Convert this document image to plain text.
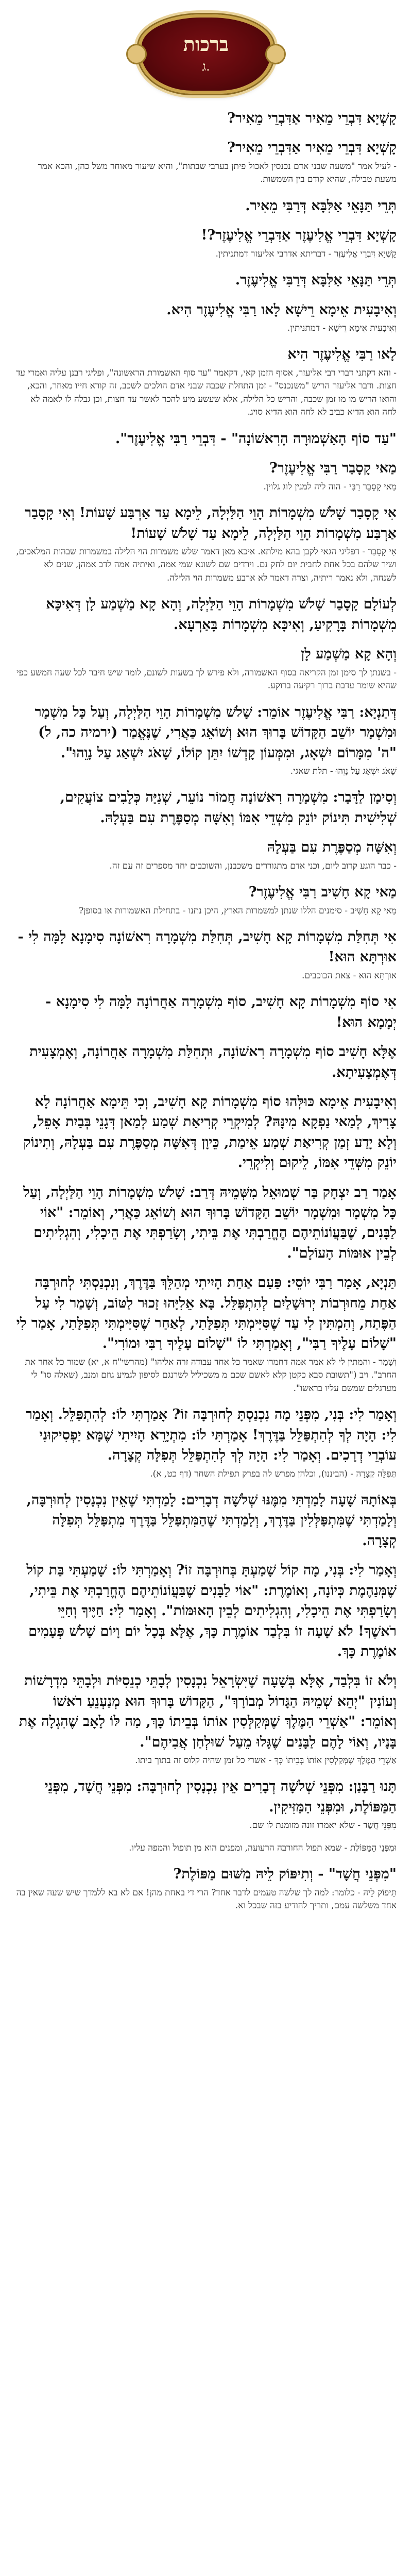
ברכות
ג.
קָשְׁיָא דִּבְרֵי מֵאִיר אַדִּבְרֵי מֵאִיר?
קָשְׁיָא דִּבְרֵי מֵאִיר אַדִּבְרֵי מֵאִיר?
- לעיל אמר "משעה שבני אדם נכנסין לאכול פיתן בערבי שבתות", והיא שיעור מאוחר משל כהן, והכא אמר משעת טבילה, שהיא קודם בין השמשות.
תְּרֵי תַּנָּאֵי אַלִּבָּא דְּרַבִּי מֵאִיר.
קָשְׁיָא דִּבְרֵי אֱלִיעֶזֶר אַדִּבְרֵי אֱלִיעֶזֶר?!
קָשְׁיָא דִּבְרֵי אֱלִיעֶזֶר - דבריתא אדרבי אליעזר דמתניתין.
תְּרֵי תַּנָּאֵי אַלִּבָּא דְּרַבִּי אֱלִיעֶזֶר.
וְאִיבָעִית אֵימָא רֵישָׁא לָאו רַבִּי אֱלִיעֶזֶר הִיא.
וְאִיבָעִית אֵימָא רֵישָׁא - דמתניתין.
לָאו רַבִּי אֱלִיעֶזֶר הִיא
- והא דקתני דברי רבי אליעזר, אסוף הזמן קאי, דקאמר "עד סוף האשמורת הראשונה", ופליגי רבנן עליה ואמרי עד חצות. ודבר אליעזר הריש "משנכנס" - זמן התחלת שכבה שבני אדם הולכים לשכב, זה קורא חייו מאחר, והכא, והואו הריש מו מו זמן שכבה, והריש כל הלילה, אלא שעשע מיע להכר לאשר עד חצות, וכן גבלה לו לאמה לא לחה הוא הדיא כביב לא לחה הוא הדיא סויג.
"עַד סוֹף הָאַשְׁמוּרָה הָרִאשׁוֹנָה" - דִּבְרֵי רַבִּי אֱלִיעֶזֶר".
מַאי קָסָבַר רַבִּי אֱלִיעֶזֶר?
מַאי קָסָבַר רַבִּי - הוה ליה למנין לוג גלוין.
אִי קָסָבַר שָׁלֹשׁ מִשְׁמָרוֹת הָוֵי הַלַּיְלָה, לֵימָא עַד אַרְבַּע שָׁעוֹת! וְאִי קָסָבַר אַרְבַּע מִשְׁמָרוֹת הָוֵי הַלַּיְלָה, לֵימָא עַד שָׁלֹשׁ שָׁעוֹת!
אִי קָסָבַר - דפליגי הגאי לקבן בהא מילתא. איכא מאן דאמר שלש משמרות הוי הלילה במשמרות שבהות המלאכים, ושיר שלהם בכל אחת לחבית יום לחק נם. וירדים שם לשונא שמי אמה, ואיתיה אמה לדב אמהן, שנים לא לשנחה, ולא נאמר ריתיה, וצרה דאמר לא ארבע משמרות הוי הלילה.
לְעוֹלָם קָסָבַר שָׁלֹשׁ מִשְׁמָרוֹת הָוֵי הַלַּיְלָה, וְהָא קָא מַשְׁמַע לָן דְּאִיכָּא מִשְׁמָרוֹת בָּרָקִיעַ, וְאִיכָּא מִשְׁמָרוֹת בָּאַרְעָא.
וְהָא קָא מַשְׁמַע לָן
- בשנתן לך סימן זמן הקריאה בסוף האשמורה, ולא פירש לך בשעות לשונם, לומד שיש חיבר לכל שעה חמשע כפי שהיא שומר עדבת ברוך רקיעה ברוקע.
דְּתַנְיָא: רַבִּי אֱלִיעֶזֶר אוֹמֵר: שָׁלֹשׁ מִשְׁמָרוֹת הָוֵי הַלַּיְלָה, וְעַל כָּל מִשְׁמָר וּמִשְׁמָר יוֹשֵׁב הַקָּדוֹשׁ בָּרוּךְ הוּא וְשׁוֹאֵג כַּאֲרִי, שֶׁנֶּאֱמַר (ירמיה כה, ל) "ה' מִמָּרוֹם יִשְׁאָג, וּמִמְּעוֹן קָדְשׁוֹ יִתֵּן קוֹלוֹ, שָׁאֹג יִשְׁאַג עַל נָוֵהוּ".
שָׁאֹג יִשְׁאַג עַל נָוֵהוּ - תלת שאגי.
וְסִימָן לַדָּבָר: מִשְׁמָרָה רִאשׁוֹנָה חֲמוֹר נוֹעֵר, שְׁנִיָּה כְּלָבִים צוֹעֲקִים, שְׁלִישִׁית תִּינוֹק יוֹנֵק מִשְׁדֵי אִמּוֹ וְאִשָּׁה מְסַפֶּרֶת עִם בַּעְלָהּ.
וְאִשָּׁה מְסַפֶּרֶת עִם בַּעְלָהּ
- כבר הוגע קרוב ליום, וכני אדם מתגוררים משכבנן, והשוכבים יחד מספרים זה עם זה.
מַאי קָא חָשִׁיב רַבִּי אֱלִיעֶזֶר?
מַאי קָא חָשִׁיב - סימנים הללו שנתן למשמרות הארץ, היכן נתנו - בתחילת האשמורות או בסופן?
אִי תְּחִלַּת מִשְׁמָרוֹת קָא חָשִׁיב, תְּחִלַּת מִשְׁמָרָה רִאשׁוֹנָה סִימָנָא לָמָּה לִי - אוּרְתָּא הוּא!
אוּרְתָּא הוּא - צאת הכוכבים.
אִי סוֹף מִשְׁמָרוֹת קָא חָשִׁיב, סוֹף מִשְׁמָרָה אַחֲרוֹנָה לָמָּה לִי סִימָנָא - יְמָמָא הוּא!
אֶלָּא חָשִׁיב סוֹף מִשְׁמָרָה רִאשׁוֹנָה, וּתְחִלַּת מִשְׁמָרָה אַחֲרוֹנָה, וְאֶמְצָעִית דְּאֶמְצָעִיתָא.
וְאִיבָעִית אֵימָא כּוּלְּהוּ סוֹף מִשְׁמָרוֹת קָא חָשִׁיב, וְכִי תֵּימָא אַחֲרוֹנָה לָא צָרִיךְ, לְמַאי נַפְקָא מִינָּהּ? לְמִיקְרֵי קְרִיאַת שְׁמַע לְמַאן דְּגָנֵי בְּבַיִת אָפֵל, וְלָא יָדַע זְמַן קְרִיאַת שְׁמַע אֵימַת, כֵּיוָן דְּאִשָּׁה מְסַפֶּרֶת עִם בַּעְלָהּ, וְתִינוֹק יוֹנֵק מִשְּׁדֵי אִמּוֹ, לֵיקוּם וְלִיקְרֵי.
אָמַר רַב יִצְחָק בַּר שְׁמוּאֵל מִשְּׁמֵיהּ דְּרַב: שָׁלֹשׁ מִשְׁמָרוֹת הָוֵי הַלַּיְלָה, וְעַל כָּל מִשְׁמָר וּמִשְׁמָר יוֹשֵׁב הַקָּדוֹשׁ בָּרוּךְ הוּא וְשׁוֹאֵג כַּאֲרִי, וְאוֹמֵר: "אוֹי לַבָּנִים, שֶׁבַּעֲוֹנוֹתֵיהֶם הֶחֱרַבְתִּי אֶת בֵּיתִי, וְשָׂרַפְתִּי אֶת הֵיכָלִי, וְהִגְלִיתִים לְבֵין אוּמּוֹת הָעוֹלָם".
תַּנְיָא, אָמַר רַבִּי יוֹסֵי: פַּעַם אַחַת הָיִיתִי מְהַלֵּךְ בַּדֶּרֶךְ, וְנִכְנַסְתִּי לְחוּרְבָּה אַחַת מֵחוּרְבוֹת יְרוּשָׁלַיִם לְהִתְפַּלֵּל. בָּא אֵלִיָּהוּ זָכוּר לַטּוֹב, וְשָׁמַר לִי עַל הַפֶּתַח, וְהִמְתִּין לִי עַד שֶׁסִּיַּימְתִּי תְּפִלָּתִי, לְאַחַר שֶׁסִּיַּימְתִּי תְּפִלָּתִי, אָמַר לִי "שָׁלוֹם עָלֶיךָ רַבִּי", וְאָמַרְתִּי לוֹ "שָׁלוֹם עָלֶיךָ רַבִּי וּמוֹרִי".
וְשָׁמַר - והמתין לי לא אמר אמה דחמרו שאמר כל אחד עבודה זרה אליהו" (מהרשי"ח א, יא) שמור כל אחר את החרב". ויב ("תשובת סבא כקטן קלא לאשם שכם מ משכיליל לשרנגם לסיפון לגמיע גוזם ומנב, (שאלה סו" לי מערגלים שמשם עליו בראשו".
וְאָמַר לִי: בְּנִי, מִפְּנֵי מָה נִכְנַסְתָּ לְחוּרְבָּה זוֹ? אָמַרְתִּי לוֹ: לְהִתְפַּלֵּל. וְאָמַר לִי: הָיָה לְךָ לְהִתְפַּלֵּל בַּדֶּרֶךְ! אָמַרְתִּי לוֹ: מִתְיָרֵא הָיִיתִי שֶׁמָּא יַפְסִיקוּנִי עוֹבְרֵי דְרָכִים. וְאָמַר לִי: הָיָה לְךָ לְהִתְפַּלֵּל תְּפִלָּה קְצָרָה.
תְּפִלָּה קְצָרָה - (הביננו), וכלהן מפרש לה בפרק תפילת השחר (דף כט, א).
בְּאוֹתָהּ שָׁעָה לָמַדְתִּי מִמֶּנּוּ שְׁלֹשָׁה דְבָרִים: לָמַדְתִּי שֶׁאֵין נִכְנָסִין לְחוּרְבָּה, וְלָמַדְתִּי שֶׁמִּתְפַּלְּלִין בַּדֶּרֶךְ, וְלָמַדְתִּי שֶׁהַמִּתְפַּלֵּל בַּדֶּרֶךְ מִתְפַּלֵּל תְּפִלָּה קְצָרָה.
וְאָמַר לִי: בְּנִי, מָה קוֹל שָׁמַעְתָּ בְּחוּרְבָּה זוֹ? וְאָמַרְתִּי לוֹ: שָׁמַעְתִּי בַּת קוֹל שֶׁמְּנַהֶמֶת כְּיוֹנָה, וְאוֹמֶרֶת: "אוֹי לַבָּנִים שֶׁבַּעֲוֹנוֹתֵיהֶם הֶחֱרַבְתִּי אֶת בֵּיתִי, וְשָׂרַפְתִּי אֶת הֵיכָלִי, וְהִגְלִיתִים לְבֵין הָאוּמּוֹת". וְאָמַר לִי: חַיֶּיךָ וְחַיֵּי רֹאשֶׁךָ! לֹא שָׁעָה זוֹ בִּלְבַד אוֹמֶרֶת כָּךְ, אֶלָּא בְּכָל יוֹם וָיוֹם שָׁלֹשׁ פְּעָמִים אוֹמֶרֶת כָּךְ.
וְלֹא זוֹ בִּלְבַד, אֶלָּא בְּשָׁעָה שֶׁיִּשְׂרָאֵל נִכְנָסִין לְבָתֵּי כְנֵסִיּוֹת וּלְבָתֵּי מִדְרָשׁוֹת וְעוֹנִין "יְהֵא שְׁמֵיהּ הַגָּדוֹל מְבוֹרָךְ", הַקָּדוֹשׁ בָּרוּךְ הוּא מְנַעְנֵעַ רֹאשׁוֹ וְאוֹמֵר: "אַשְׁרֵי הַמֶּלֶךְ שֶׁמְּקַלְּסִין אוֹתוֹ בְּבֵיתוֹ כָּךְ, מַה לּוֹ לָאָב שֶׁהִגְלָה אֶת בָּנָיו, וְאוֹי לָהֶם לַבָּנִים שֶׁגָּלוּ מֵעַל שׁוּלְחַן אֲבִיהֶם".
אַשְׁרֵי הַמֶּלֶךְ שֶׁמְּקַלְּסִין אוֹתוֹ בְּבֵיתוֹ כָּךְ - אשרי כל זמן שהיה קלוס זה בתוך ביתו.
תָּנוּ רַבָּנַן: מִפְּנֵי שְׁלֹשָׁה דְבָרִים אֵין נִכְנָסִין לְחוּרְבָּה: מִפְּנֵי חֲשָׁד, מִפְּנֵי הַמַּפּוֹלֶת, וּמִפְּנֵי הַמַּזִּיקִין.
מִפְּנֵי חֲשָׁד - שלא יאמרו זונה מזומנת לו שם.
וּמִפְּנֵי הַמַּפּוֹלֶת - שמא תפול החורבה הרעועה, ומפנים הוא מן תופול והמפה עליו.
"מִפְּנֵי חֲשָׁד" - וְתִיפּוֹק לֵיהּ מִשּׁוּם מַפּוֹלֶת?
תֵּיפּוֹק לֵיהּ - כלומר: למה לך שלשה טעמים לדבר אחד? הרי די באחת מהן! אם לא בא ללמדך שיש שעה שאין בה אחד משלשה עמם, ותריך להודיע בזה שבכל וא.
